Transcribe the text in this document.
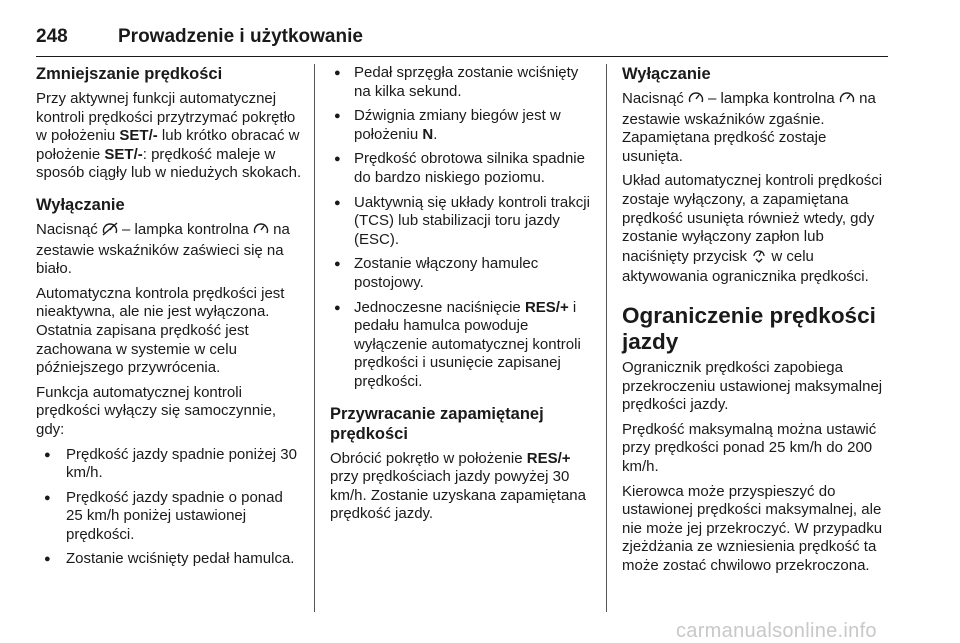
248	Prowadzenie i użytkowanie
Zmniejszanie prędkości

Przy aktywnej funkcji automatycznej kontroli prędkości przytrzymać pokrętło w położeniu SET/- lub krótko obracać w położenie SET/-: prędkość maleje w sposób ciągły lub w niedużych skokach.

Wyłączanie

Nacisnąć  – lampka kontrolna  na zestawie wskaźników zaświeci się na biało.

Automatyczna kontrola prędkości jest nieaktywna, ale nie jest wyłączona. Ostatnia zapisana prędkość jest zachowana w systemie w celu późniejszego przywrócenia.

Funkcja automatycznej kontroli prędkości wyłączy się samoczynnie, gdy:

● Prędkość jazdy spadnie poniżej 30 km/h.
● Prędkość jazdy spadnie o ponad 25 km/h poniżej ustawionej prędkości.
● Zostanie wciśnięty pedał hamulca.
● Pedał sprzęgła zostanie wciśnięty na kilka sekund.
● Dźwignia zmiany biegów jest w położeniu N.
● Prędkość obrotowa silnika spadnie do bardzo niskiego poziomu.
● Uaktywnią się układy kontroli trakcji (TCS) lub stabilizacji toru jazdy (ESC).
● Zostanie włączony hamulec postojowy.
● Jednoczesne naciśnięcie RES/+ i pedału hamulca powoduje wyłączenie automatycznej kontroli prędkości i usunięcie zapisanej prędkości.
Przywracanie zapamiętanej prędkości

Obrócić pokrętło w położenie RES/+ przy prędkościach jazdy powyżej 30 km/h. Zostanie uzyskana zapamiętana prędkość jazdy.

Wyłączanie

Nacisnąć  – lampka kontrolna  na zestawie wskaźników zgaśnie. Zapamiętana prędkość zostaje usunięta.

Układ automatycznej kontroli prędkości zostaje wyłączony, a zapamiętana prędkość usunięta również wtedy, gdy zostanie wyłączony zapłon lub naciśnięty przycisk  w celu aktywowania ogranicznika prędkości.

Ograniczenie prędkości jazdy

Ogranicznik prędkości zapobiega przekroczeniu ustawionej maksymalnej prędkości jazdy.

Prędkość maksymalną można ustawić przy prędkości ponad 25 km/h do 200 km/h.

Kierowca może przyspieszyć do ustawionej prędkości maksymalnej, ale nie może jej przekroczyć. W przypadku zjeżdżania ze wzniesienia prędkość ta może zostać chwilowo przekroczona.

carmanualsonline.info
